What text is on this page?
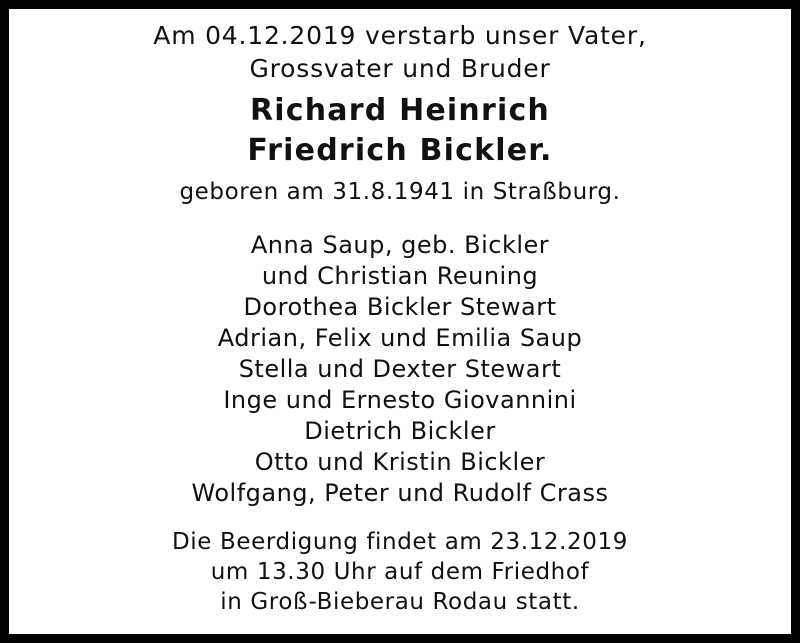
Am 04.12.2019 verstarb unser Vater,
Grossvater und Bruder
Richard Heinrich
Friedrich Bickler.
geboren am 31.8.1941 in Straßburg.
Anna Saup, geb. Bickler
und Christian Reuning
Dorothea Bickler Stewart
Adrian, Felix und Emilia Saup
Stella und Dexter Stewart
Inge und Ernesto Giovannini
Dietrich Bickler
Otto und Kristin Bickler
Wolfgang, Peter und Rudolf Crass
Die Beerdigung findet am 23.12.2019
um 13.30 Uhr auf dem Friedhof
in Groß-Bieberau Rodau statt.
